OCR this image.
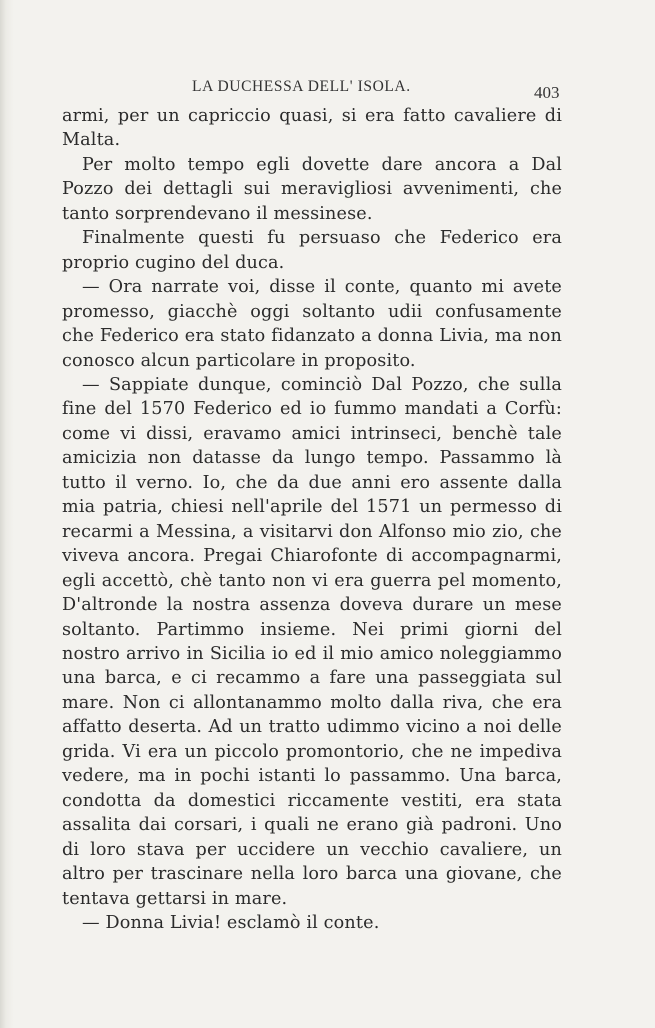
LA DUCHESSA DELL' ISOLA.	403

armi, per un capriccio quasi, si era fatto cavaliere di Malta.

Per molto tempo egli dovette dare ancora a Dal Pozzo dei dettagli sui meravigliosi avvenimenti, che tanto sorprendevano il messinese.

Finalmente questi fu persuaso che Federico era proprio cugino del duca.

— Ora narrate voi, disse il conte, quanto mi avete promesso, giacchè oggi soltanto udii confusamente che Federico era stato fidanzato a donna Livia, ma non conosco alcun particolare in proposito.

— Sappiate dunque, cominciò Dal Pozzo, che sulla fine del 1570 Federico ed io fummo mandati a Corfù: come vi dissi, eravamo amici intrinseci, benchè tale amicizia non datasse da lungo tempo. Passammo là tutto il verno. Io, che da due anni ero assente dalla mia patria, chiesi nell'aprile del 1571 un permesso di recarmi a Messina, a visitarvi don Alfonso mio zio, che viveva ancora. Pregai Chiarofonte di accompagnarmi, egli accettò, chè tanto non vi era guerra pel momento, D'altronde la nostra assenza doveva durare un mese soltanto. Partimmo insieme. Nei primi giorni del nostro arrivo in Sicilia io ed il mio amico noleggiammo una barca, e ci recammo a fare una passeggiata sul mare. Non ci allontanammo molto dalla riva, che era affatto deserta. Ad un tratto udimmo vicino a noi delle grida. Vi era un piccolo promontorio, che ne impediva vedere, ma in pochi istanti lo passammo. Una barca, condotta da domestici riccamente vestiti, era stata assalita dai corsari, i quali ne erano già padroni. Uno di loro stava per uccidere un vecchio cavaliere, un altro per trascinare nella loro barca una giovane, che tentava gettarsi in mare.

— Donna Livia! esclamò il conte.
